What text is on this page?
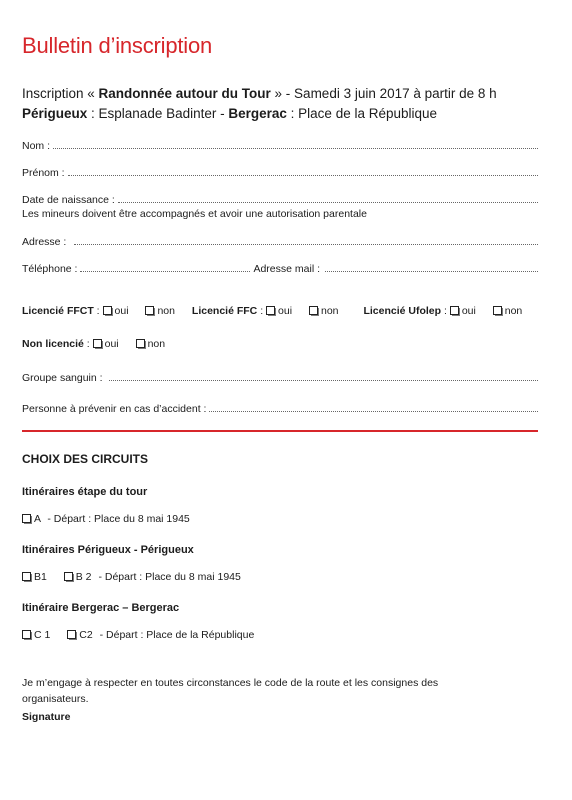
Bulletin d’inscription
Inscription « Randonnée autour du Tour » - Samedi 3 juin 2017 à partir de 8 h
Périgueux : Esplanade Badinter - Bergerac : Place de la République
Nom :
Prénom :
Date de naissance :
Les mineurs doivent être accompagnés et avoir une autorisation parentale
Adresse :
Téléphone :	Adresse mail :
Licencié FFCT : oui	non Licencié FFC : oui	non Licencié Ufolep : oui	non
Non licencié : oui	non
Groupe sanguin :
Personne à prévenir en cas d’accident :
CHOIX DES CIRCUITS
Itinéraires étape du tour
A - Départ : Place du 8 mai 1945
Itinéraires Périgueux - Périgueux
B1	B 2 - Départ : Place du 8 mai 1945
Itinéraire Bergerac – Bergerac
C 1	C2 - Départ : Place de la République
Je m’engage à respecter en toutes circonstances le code de la route et les consignes des
organisateurs.
Signature
